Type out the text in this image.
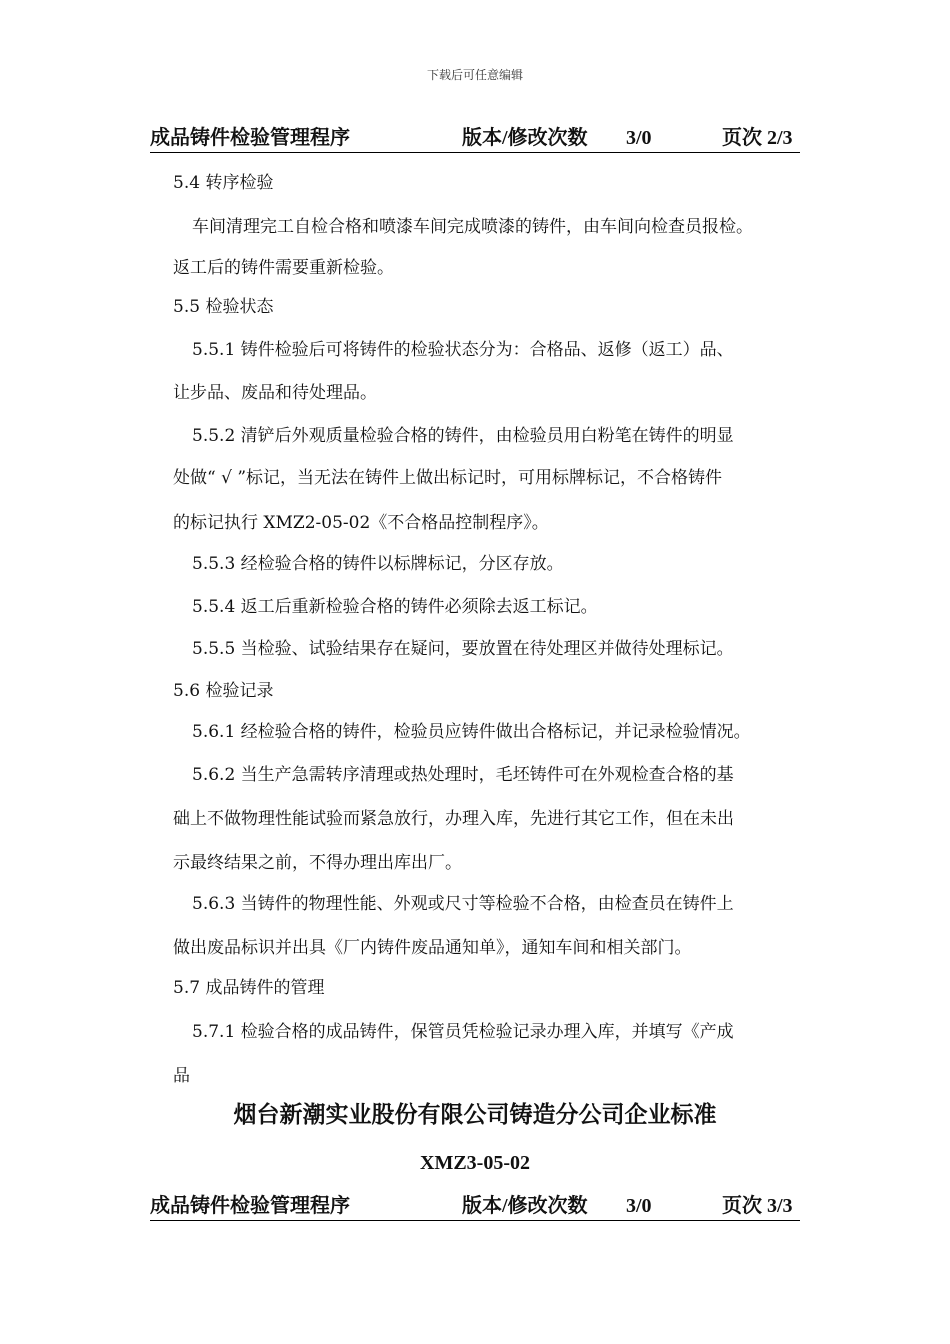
下载后可任意编辑
成品铸件检验管理程序	版本/修改次数 3/0	页次 2/3
5.4 转序检验
车间清理完工自检合格和喷漆车间完成喷漆的铸件，由车间向检查员报检。
返工后的铸件需要重新检验。
5.5 检验状态
5.5.1 铸件检验后可将铸件的检验状态分为：合格品、返修（返工）品、
让步品、废品和待处理品。
5.5.2 清铲后外观质量检验合格的铸件，由检验员用白粉笔在铸件的明显
处做“ √ ”标记，当无法在铸件上做出标记时，可用标牌标记，不合格铸件
的标记执行 XMZ2-05-02《不合格品控制程序》。
5.5.3 经检验合格的铸件以标牌标记，分区存放。
5.5.4 返工后重新检验合格的铸件必须除去返工标记。
5.5.5 当检验、试验结果存在疑问，要放置在待处理区并做待处理标记。
5.6 检验记录
5.6.1 经检验合格的铸件，检验员应铸件做出合格标记，并记录检验情况。
5.6.2 当生产急需转序清理或热处理时，毛坯铸件可在外观检查合格的基
础上不做物理性能试验而紧急放行，办理入库，先进行其它工作，但在未出
示最终结果之前，不得办理出库出厂。
5.6.3 当铸件的物理性能、外观或尺寸等检验不合格，由检查员在铸件上
做出废品标识并出具《厂内铸件废品通知单》，通知车间和相关部门。
5.7 成品铸件的管理
5.7.1 检验合格的成品铸件，保管员凭检验记录办理入库，并填写《产成
品
烟台新潮实业股份有限公司铸造分公司企业标准
XMZ3-05-02
成品铸件检验管理程序	版本/修改次数 3/0	页次 3/3
